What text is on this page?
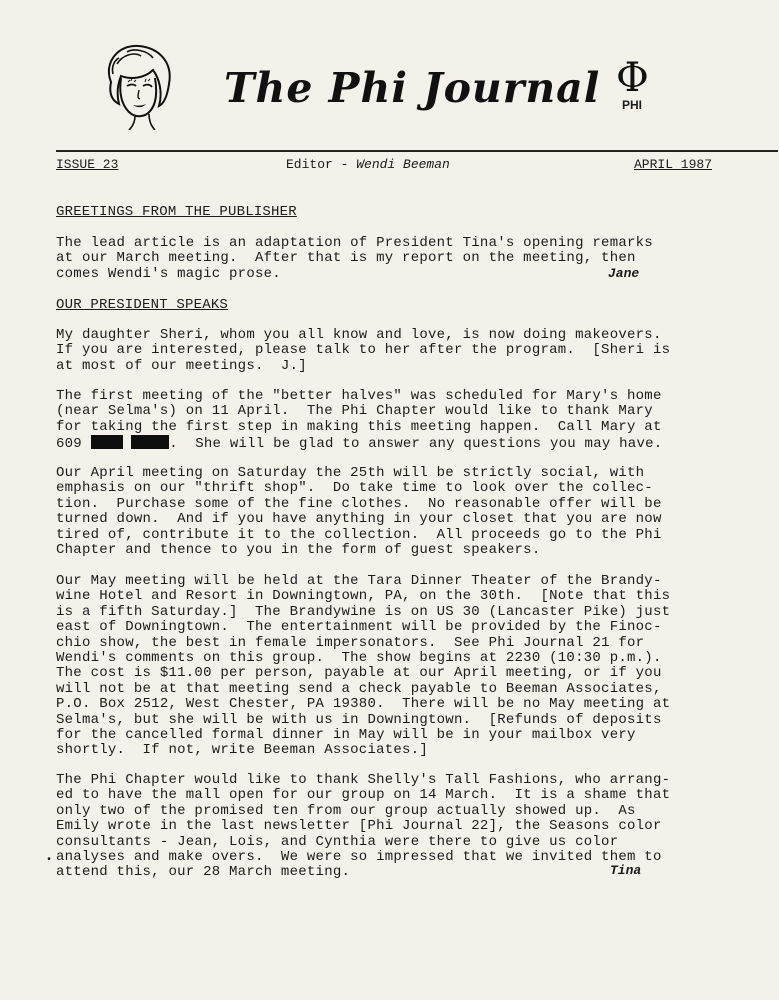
The Phi Journal Φ
PHI
ISSUE 23	Editor - Wendi Beeman	APRIL 1987
GREETINGS FROM THE PUBLISHER
The lead article is an adaptation of President Tina's opening remarks
at our March meeting.  After that is my report on the meeting, then
comes Wendi's magic prose.	Jane
OUR PRESIDENT SPEAKS
My daughter Sheri, whom you all know and love, is now doing makeovers.
If you are interested, please talk to her after the program.  [Sheri is
at most of our meetings.  J.]
The first meeting of the "better halves" was scheduled for Mary's home
(near Selma's) on 11 April.  The Phi Chapter would like to thank Mary
for taking the first step in making this meeting happen.  Call Mary at
609	.  She will be glad to answer any questions you may have.
Our April meeting on Saturday the 25th will be strictly social, with
emphasis on our "thrift shop".  Do take time to look over the collec-
tion.  Purchase some of the fine clothes.  No reasonable offer will be
turned down.  And if you have anything in your closet that you are now
tired of, contribute it to the collection.  All proceeds go to the Phi
Chapter and thence to you in the form of guest speakers.
Our May meeting will be held at the Tara Dinner Theater of the Brandy-
wine Hotel and Resort in Downingtown, PA, on the 30th.  [Note that this
is a fifth Saturday.]  The Brandywine is on US 30 (Lancaster Pike) just
east of Downingtown.  The entertainment will be provided by the Finoc-
chio show, the best in female impersonators.  See Phi Journal 21 for
Wendi's comments on this group.  The show begins at 2230 (10:30 p.m.).
The cost is $11.00 per person, payable at our April meeting, or if you
will not be at that meeting send a check payable to Beeman Associates,
P.O. Box 2512, West Chester, PA 19380.  There will be no May meeting at
Selma's, but she will be with us in Downingtown.  [Refunds of deposits
for the cancelled formal dinner in May will be in your mailbox very
shortly.  If not, write Beeman Associates.]
The Phi Chapter would like to thank Shelly's Tall Fashions, who arrang-
ed to have the mall open for our group on 14 March.  It is a shame that
only two of the promised ten from our group actually showed up.  As
Emily wrote in the last newsletter [Phi Journal 22], the Seasons color
consultants - Jean, Lois, and Cynthia were there to give us color
analyses and make overs.  We were so impressed that we invited them to
attend this, our 28 March meeting.	Tina
•
